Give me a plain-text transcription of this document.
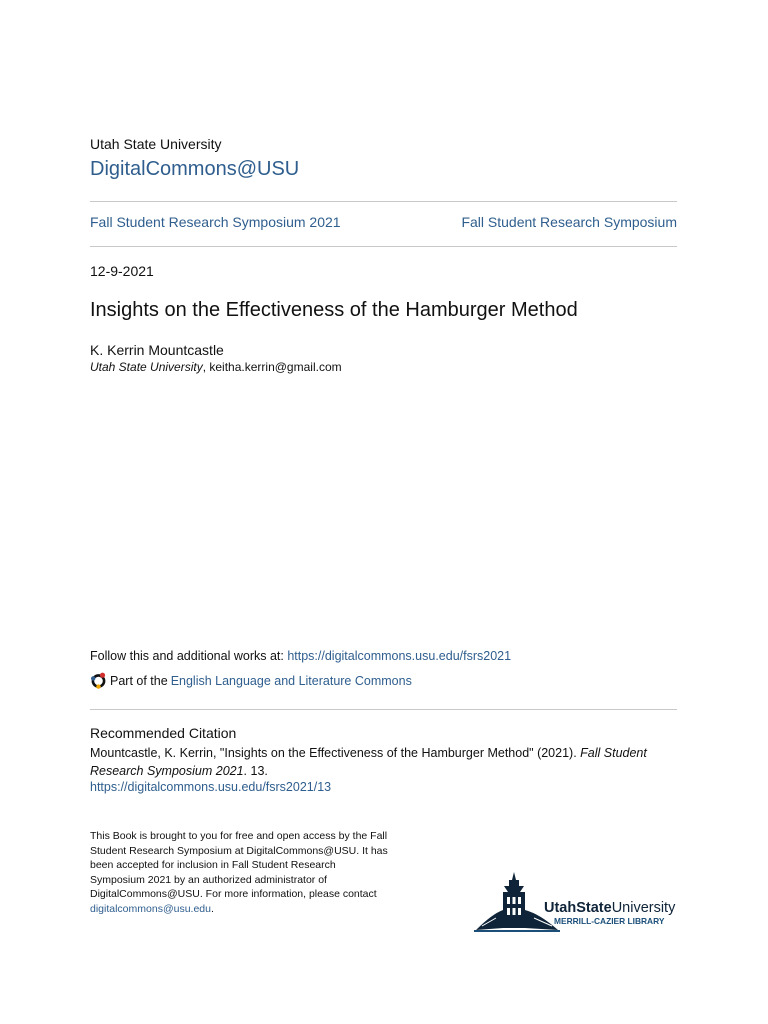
Utah State University
DigitalCommons@USU
Fall Student Research Symposium 2021	Fall Student Research Symposium
12-9-2021
Insights on the Effectiveness of the Hamburger Method
K. Kerrin Mountcastle
Utah State University, keitha.kerrin@gmail.com
Follow this and additional works at: https://digitalcommons.usu.edu/fsrs2021
Part of the English Language and Literature Commons
Recommended Citation
Mountcastle, K. Kerrin, "Insights on the Effectiveness of the Hamburger Method" (2021). Fall Student Research Symposium 2021. 13.
https://digitalcommons.usu.edu/fsrs2021/13
This Book is brought to you for free and open access by the Fall Student Research Symposium at DigitalCommons@USU. It has been accepted for inclusion in Fall Student Research Symposium 2021 by an authorized administrator of DigitalCommons@USU. For more information, please contact digitalcommons@usu.edu.	UtahStateUniversity
MERRILL-CAZIER LIBRARY
